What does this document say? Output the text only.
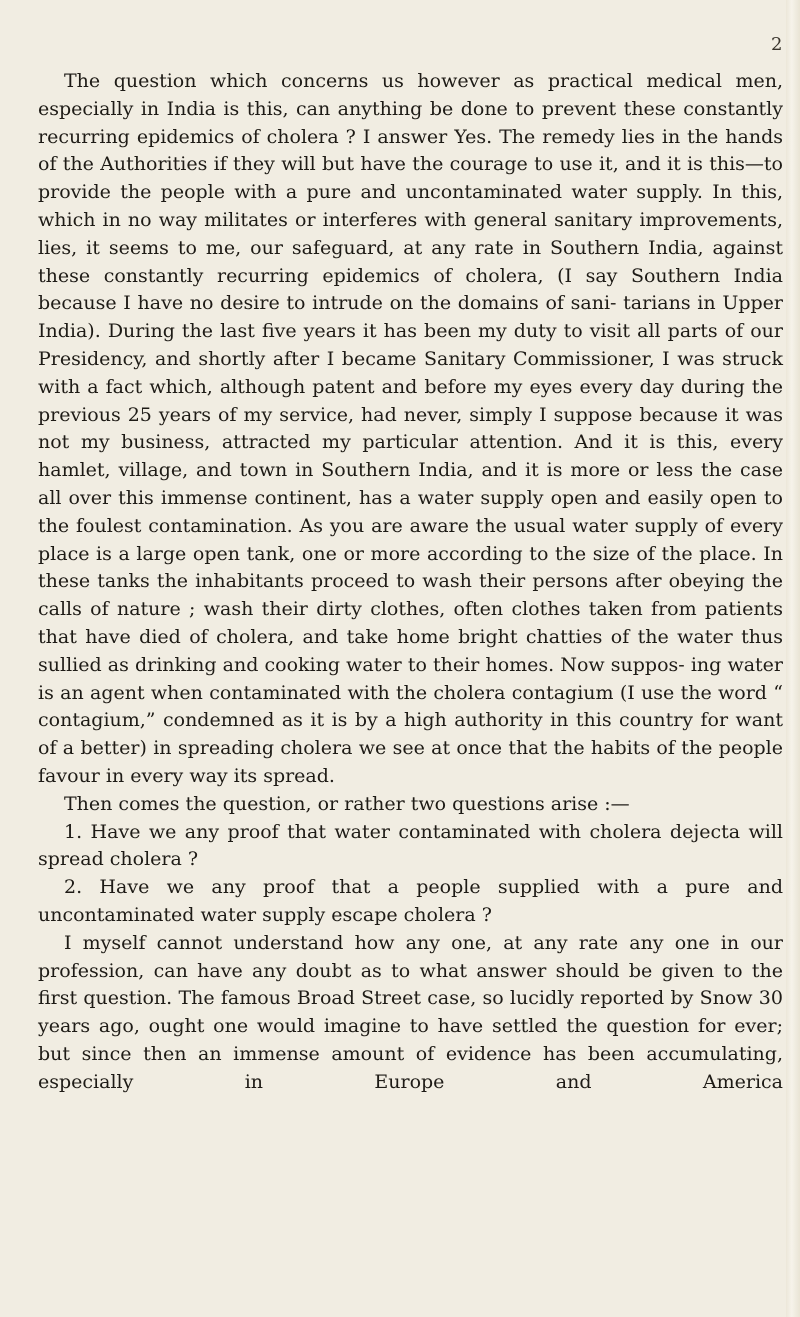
2

The question which concerns us however as practical medical men, especially in India is this, can anything be done to prevent these constantly recurring epidemics of cholera ? I answer Yes. The remedy lies in the hands of the Authorities if they will but have the courage to use it, and it is this—to provide the people with a pure and uncontaminated water supply. In this, which in no way militates or interferes with general sanitary improvements, lies, it seems to me, our safeguard, at any rate in Southern India, against these constantly recurring epidemics of cholera, (I say Southern India because I have no desire to intrude on the domains of sani- tarians in Upper India). During the last five years it has been my duty to visit all parts of our Presidency, and shortly after I became Sanitary Commissioner, I was struck with a fact which, although patent and before my eyes every day during the previous 25 years of my service, had never, simply I suppose because it was not my business, attracted my particular attention. And it is this, every hamlet, village, and town in Southern India, and it is more or less the case all over this immense continent, has a water supply open and easily open to the foulest contamination. As you are aware the usual water supply of every place is a large open tank, one or more according to the size of the place. In these tanks the inhabitants proceed to wash their persons after obeying the calls of nature ; wash their dirty clothes, often clothes taken from patients that have died of cholera, and take home bright chatties of the water thus sullied as drinking and cooking water to their homes. Now suppos- ing water is an agent when contaminated with the cholera contagium (I use the word “ contagium,” condemned as it is by a high authority in this country for want of a better) in spreading cholera we see at once that the habits of the people favour in every way its spread.

Then comes the question, or rather two questions arise :—

1. Have we any proof that water contaminated with cholera dejecta will spread cholera ?

2. Have we any proof that a people supplied with a pure and uncontaminated water supply escape cholera ?

I myself cannot understand how any one, at any rate any one in our profession, can have any doubt as to what answer should be given to the first question. The famous Broad Street case, so lucidly reported by Snow 30 years ago, ought one would imagine to have settled the question for ever; but since then an immense amount of evidence has been accumulating, especially in Europe and America
